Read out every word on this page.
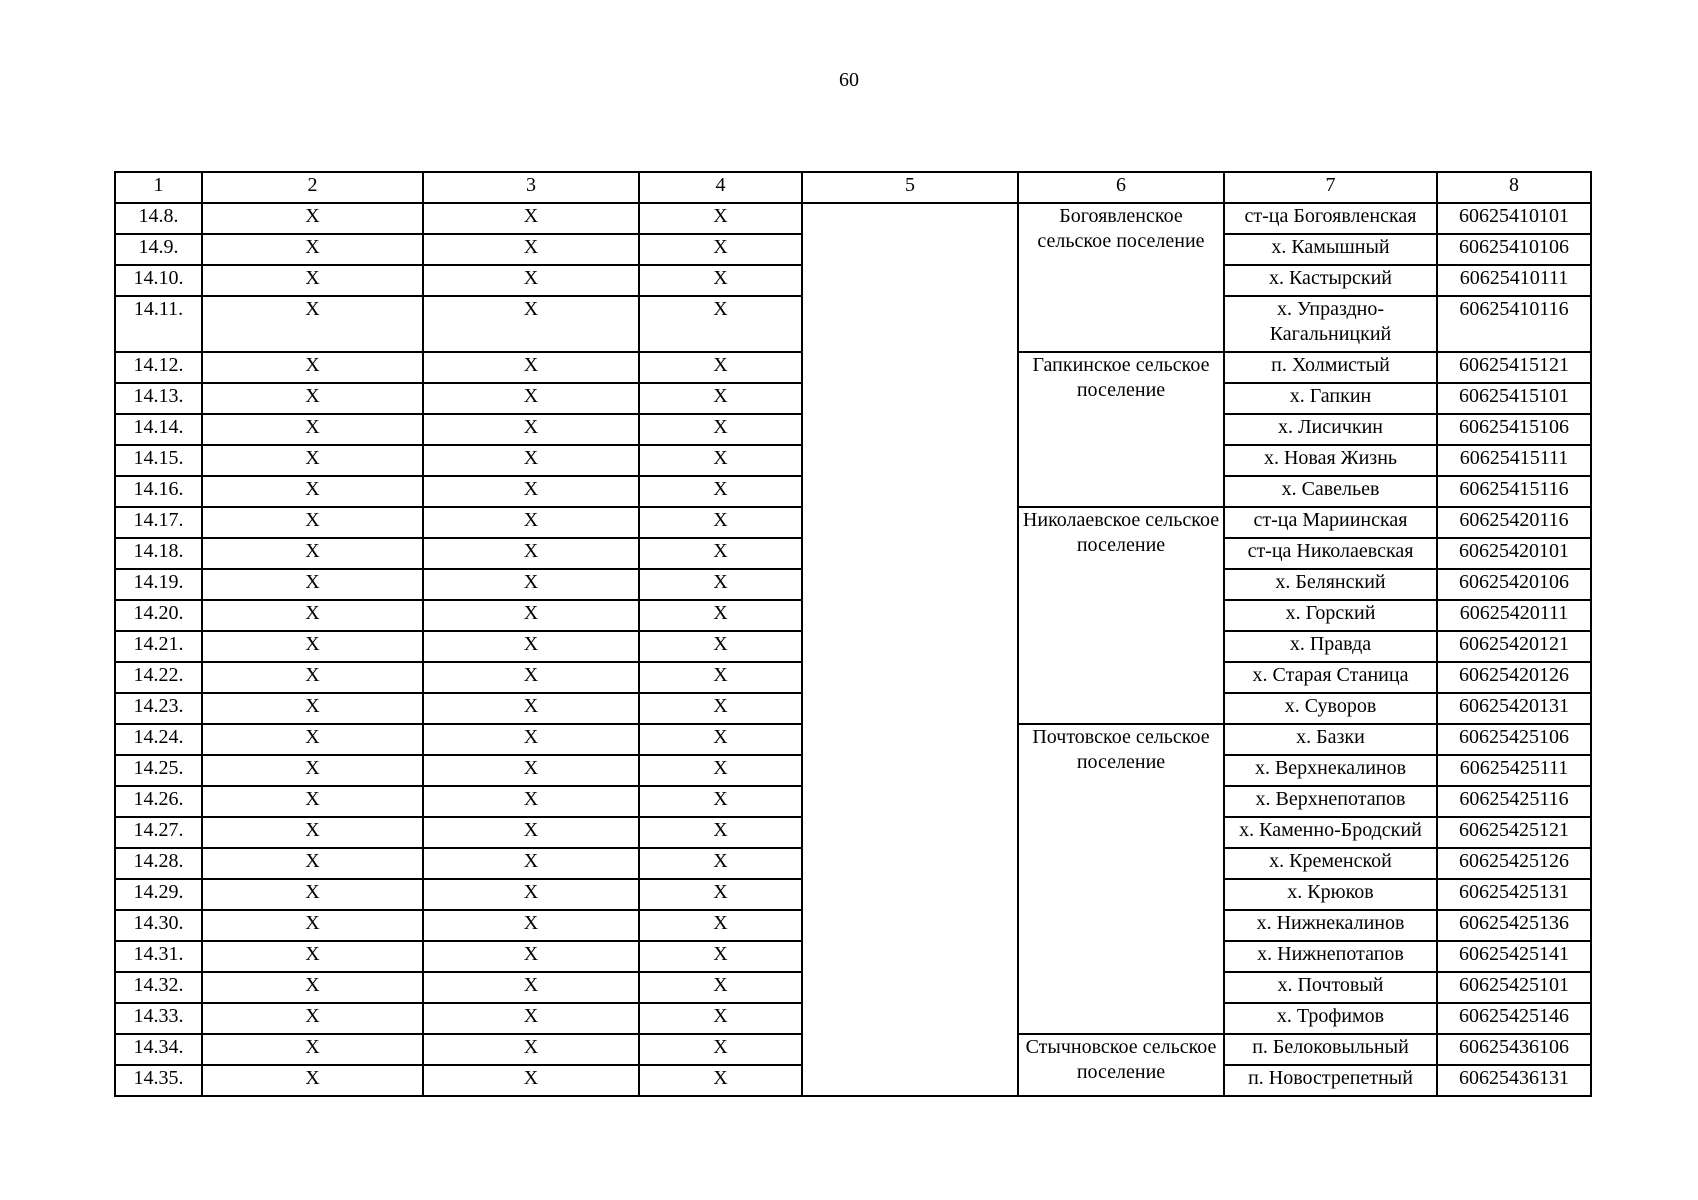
60
1	2	3	4	5	6	7	8
14.8.	X	X	X		Богоявленское сельское поселение	ст-ца Богоявленская	60625410101
14.9.	X	X	X			х. Камышный	60625410106
14.10.	X	X	X			х. Кастырский	60625410111
14.11.	X	X	X			х. Упраздно-Кагальницкий	60625410116
14.12.	X	X	X		Гапкинское сельское поселение	п. Холмистый	60625415121
14.13.	X	X	X			х. Гапкин	60625415101
14.14.	X	X	X			х. Лисичкин	60625415106
14.15.	X	X	X			х. Новая Жизнь	60625415111
14.16.	X	X	X			х. Савельев	60625415116
14.17.	X	X	X		Николаевское сельское поселение	ст-ца Мариинская	60625420116
14.18.	X	X	X			ст-ца Николаевская	60625420101
14.19.	X	X	X			х. Белянский	60625420106
14.20.	X	X	X			х. Горский	60625420111
14.21.	X	X	X			х. Правда	60625420121
14.22.	X	X	X			х. Старая Станица	60625420126
14.23.	X	X	X			х. Суворов	60625420131
14.24.	X	X	X		Почтовское сельское поселение	х. Базки	60625425106
14.25.	X	X	X			х. Верхнекалинов	60625425111
14.26.	X	X	X			х. Верхнепотапов	60625425116
14.27.	X	X	X			х. Каменно-Бродский	60625425121
14.28.	X	X	X			х. Кременской	60625425126
14.29.	X	X	X			х. Крюков	60625425131
14.30.	X	X	X			х. Нижнекалинов	60625425136
14.31.	X	X	X			х. Нижнепотапов	60625425141
14.32.	X	X	X			х. Почтовый	60625425101
14.33.	X	X	X			х. Трофимов	60625425146
14.34.	X	X	X		Стычновское сельское поселение	п. Белоковыльный	60625436106
14.35.	X	X	X			п. Новострепетный	60625436131
